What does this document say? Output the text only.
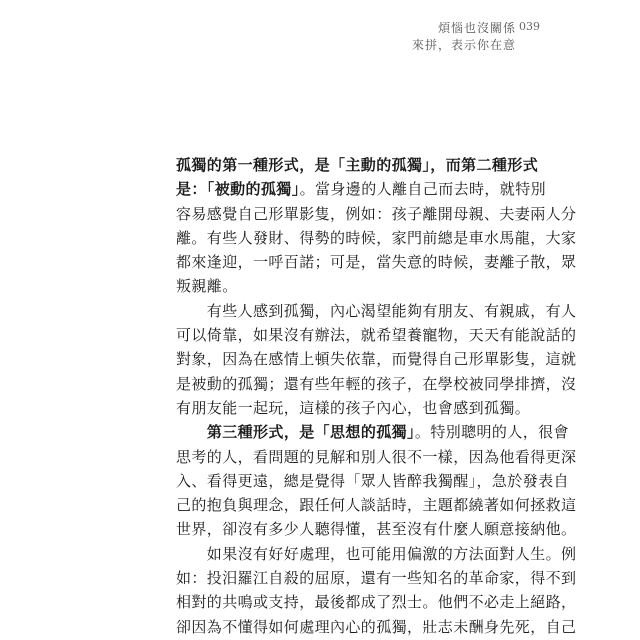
煩惱也沒關係
來拼，表示你在意
039
孤獨的第一種形式，是「主動的孤獨」，而第二種形式
是：「被動的孤獨」。當身邊的人離自己而去時，就特別
容易感覺自己形單影隻，例如：孩子離開母親、夫妻兩人分
離。有些人發財、得勢的時候，家門前總是車水馬龍，大家
都來逢迎，一呼百諾；可是，當失意的時候，妻離子散，眾
叛親離。
　　有些人感到孤獨，內心渴望能夠有朋友、有親戚，有人
可以倚靠，如果沒有辦法，就希望養寵物，天天有能說話的
對象，因為在感情上頓失依靠，而覺得自己形單影隻，這就
是被動的孤獨；還有些年輕的孩子，在學校被同學排擠，沒
有朋友能一起玩，這樣的孩子內心，也會感到孤獨。
　　第三種形式，是「思想的孤獨」。特別聰明的人，很會
思考的人，看問題的見解和別人很不一樣，因為他看得更深
入、看得更遠，總是覺得「眾人皆醉我獨醒」，急於發表自
己的抱負與理念，跟任何人談話時，主題都繞著如何拯救這
世界，卻沒有多少人聽得懂，甚至沒有什麼人願意接納他。
　　如果沒有好好處理，也可能用偏激的方法面對人生。例
如：投汨羅江自殺的屈原，還有一些知名的革命家，得不到
相對的共鳴或支持，最後都成了烈士。他們不必走上絕路，
卻因為不懂得如何處理內心的孤獨，壯志未酬身先死，自己
